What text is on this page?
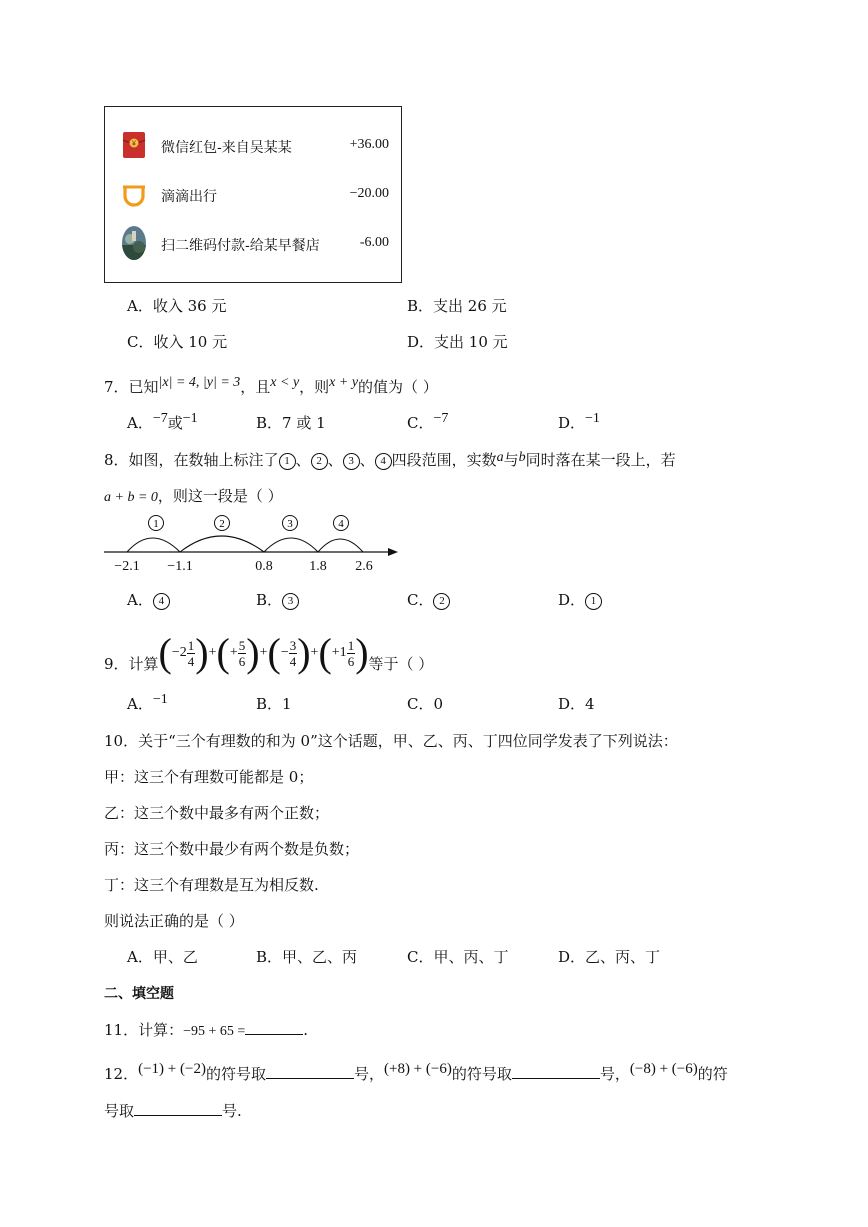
¥ 微信红包-来自吴某某	+36.00
滴滴出行	−20.00
扫二维码付款-给某早餐店	-6.00
A．收入 36 元	B．支出 26 元
C．收入 10 元	D．支出 10 元
7．已知|x| = 4, |y| = 3，且x < y，则x + y的值为（ ）
A．−7或−1	B．7 或 1	C．−7	D．−1
8．如图，在数轴上标注了 1 、 2 、 3 、 4 四段范围，实数a与b同时落在某一段上，若
a + b = 0，则这一段是（ ）
1	2	3	4
−2.1 −1.1	0.8	1.8 2.6
A． 4	B． 3	C． 2	D． 1
9．计算 ( $-2 \frac{1}{4}$ ) + ( + $\frac{5}{6}$ ) + ( − $\frac{3}{4}$ ) + ( $+1 \frac{1}{6}$ ) 等于（ ）
A．−1	B．1	C．0	D．4
10．关于“三个有理数的和为 0”这个话题，甲、乙、丙、丁四位同学发表了下列说法：
甲：这三个有理数可能都是 0；
乙：这三个数中最多有两个正数；
丙：这三个数中最少有两个数是负数；
丁：这三个有理数是互为相反数.
则说法正确的是（ ）
A．甲、乙	B．甲、乙、丙	C．甲、丙、丁	D．乙、丙、丁
二、填空题
11．计算：−95 + 65 =	.
12．(−1) + (−2)的符号取	号，(+8) + (−6)的符号取	号，(−8) + (−6)的符
号取	号.
